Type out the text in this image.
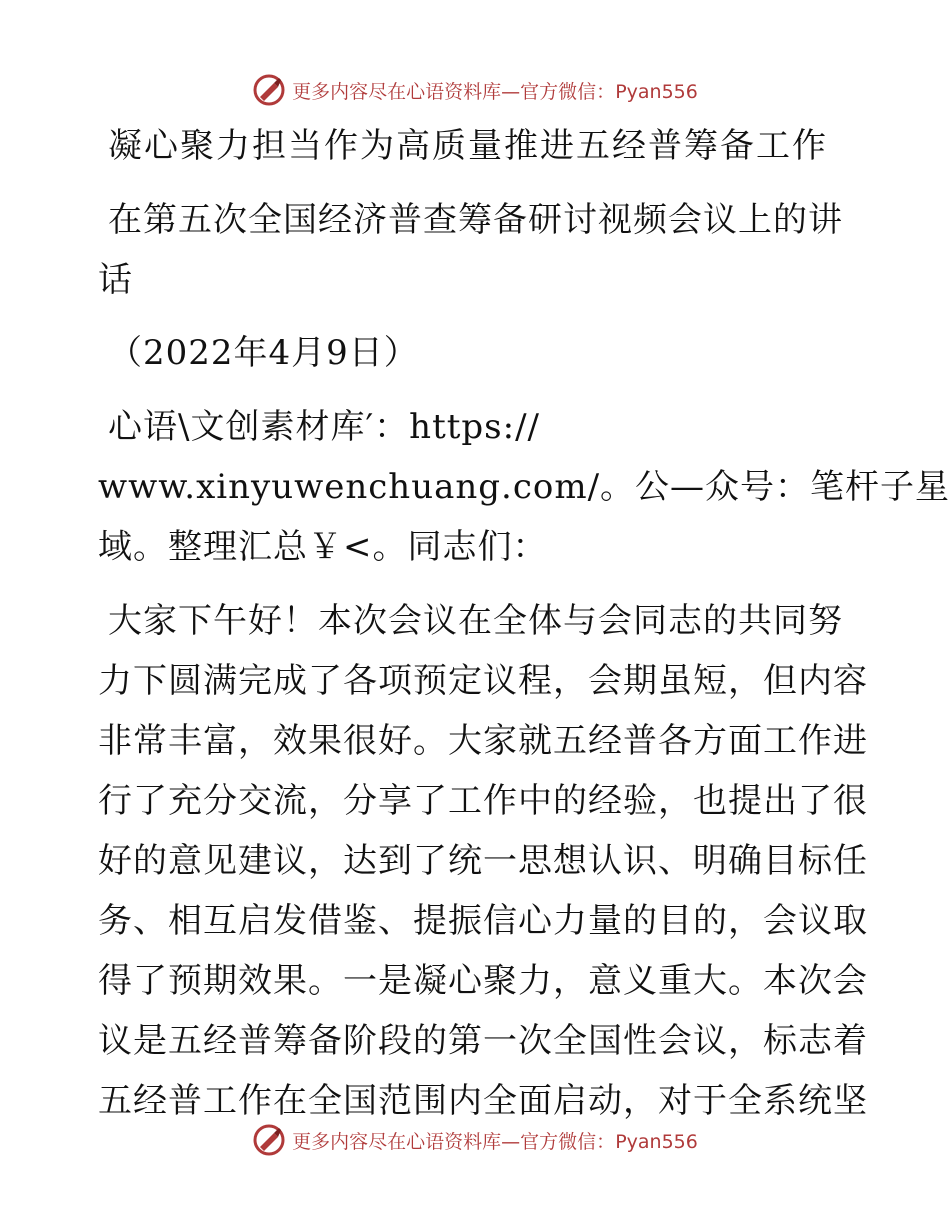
更多内容尽在心语资料库—官方微信：Pyan556
凝心聚力担当作为高质量推进五经普筹备工作
在第五次全国经济普查筹备研讨视频会议上的讲
话
（2022年4月9日）
心语\文创素材库′：https://
www.xinyuwenchuang.com/。公—众号：笔杆子星
域。整理汇总￥<。同志们：
大家下午好！本次会议在全体与会同志的共同努
力下圆满完成了各项预定议程，会期虽短，但内容
非常丰富，效果很好。大家就五经普各方面工作进
行了充分交流，分享了工作中的经验，也提出了很
好的意见建议，达到了统一思想认识、明确目标任
务、相互启发借鉴、提振信心力量的目的，会议取
得了预期效果。一是凝心聚力，意义重大。本次会
议是五经普筹备阶段的第一次全国性会议，标志着
五经普工作在全国范围内全面启动，对于全系统坚
更多内容尽在心语资料库—官方微信：Pyan556
